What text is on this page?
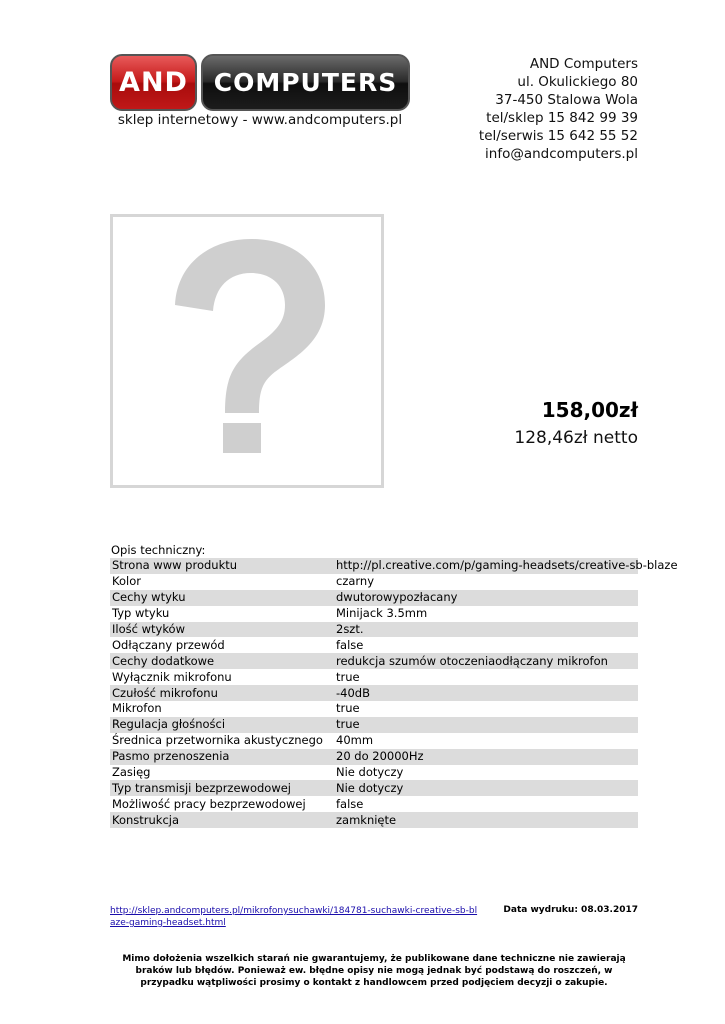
AND	COMPUTERS
sklep internetowy - www.andcomputers.pl
AND Computers
ul. Okulickiego 80
37-450 Stalowa Wola
tel/sklep 15 842 99 39
tel/serwis 15 642 55 52
info@andcomputers.pl
158,00zł
128,46zł netto
Opis techniczny:
Strona www produktu	http://pl.creative.com/p/gaming-headsets/creative-sb-blaze
Kolor	czarny
Cechy wtyku	dwutorowypozłacany
Typ wtyku	Minijack 3.5mm
Ilość wtyków	2szt.
Odłączany przewód	false
Cechy dodatkowe	redukcja szumów otoczeniaodłączany mikrofon
Wyłącznik mikrofonu	true
Czułość mikrofonu	-40dB
Mikrofon	true
Regulacja głośności	true
Średnica przetwornika akustycznego	40mm
Pasmo przenoszenia	20 do 20000Hz
Zasięg	Nie dotyczy
Typ transmisji bezprzewodowej	Nie dotyczy
Możliwość pracy bezprzewodowej	false
Konstrukcja	zamknięte
http://sklep.andcomputers.pl/mikrofonysuchawki/184781-suchawki-creative-sb-blaze-gaming-headset.html
Data wydruku: 08.03.2017
Mimo dołożenia wszelkich starań nie gwarantujemy, że publikowane dane techniczne nie zawierają braków lub błędów. Ponieważ ew. błędne opisy nie mogą jednak być podstawą do roszczeń, w przypadku wątpliwości prosimy o kontakt z handlowcem przed podjęciem decyzji o zakupie.
